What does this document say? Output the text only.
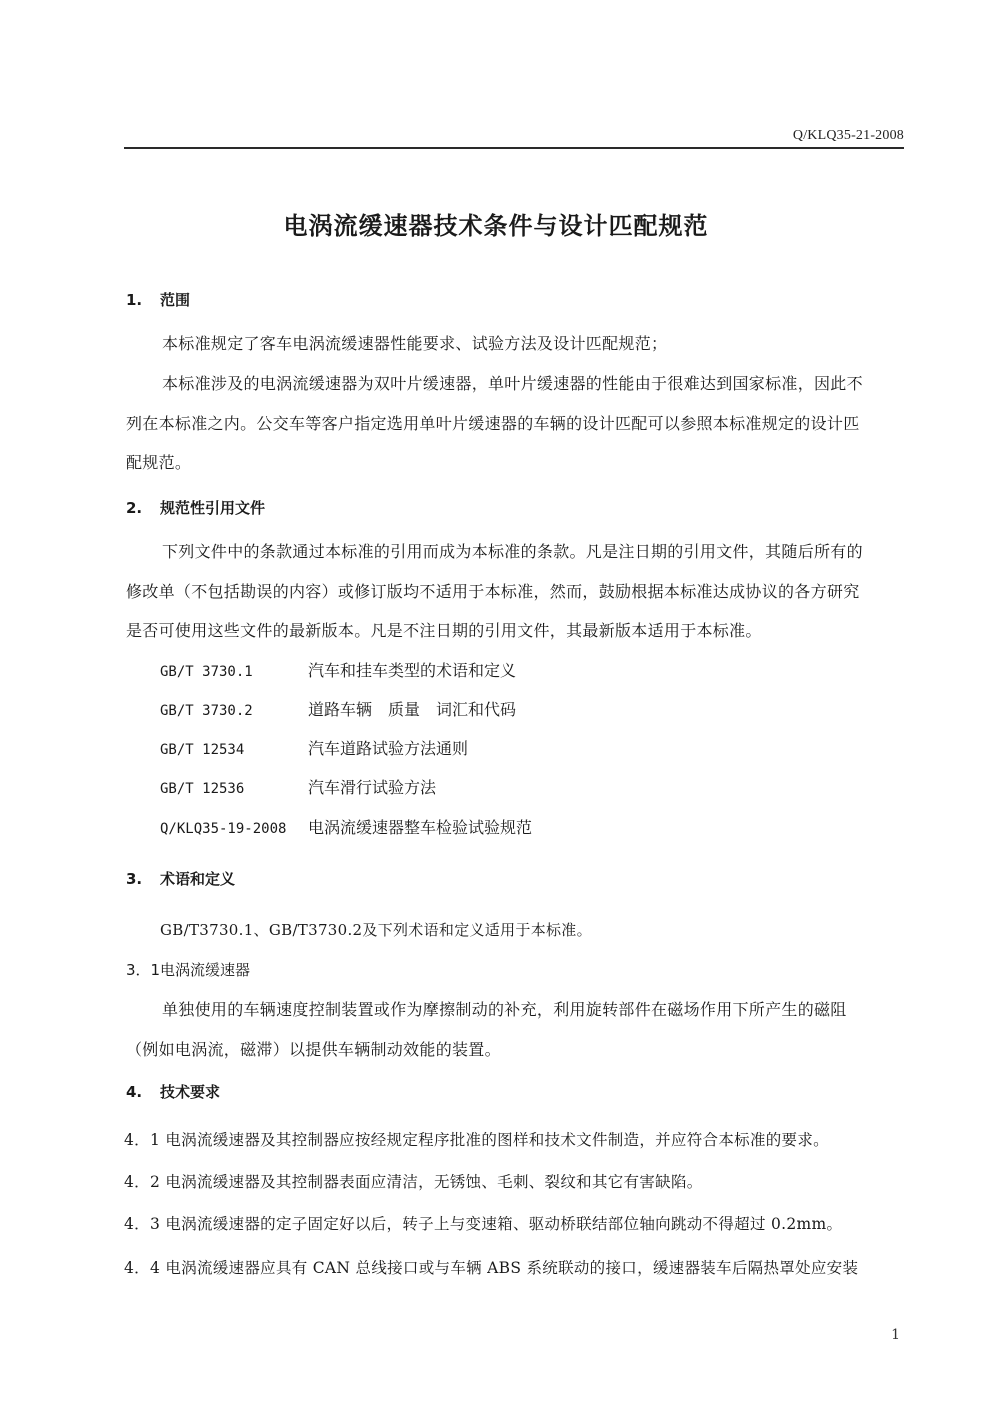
Q/KLQ35-21-2008
电涡流缓速器技术条件与设计匹配规范
1. 范围
本标准规定了客车电涡流缓速器性能要求、试验方法及设计匹配规范；
本标准涉及的电涡流缓速器为双叶片缓速器，单叶片缓速器的性能由于很难达到国家标准，因此不
列在本标准之内。公交车等客户指定选用单叶片缓速器的车辆的设计匹配可以参照本标准规定的设计匹
配规范。
2. 规范性引用文件
下列文件中的条款通过本标准的引用而成为本标准的条款。凡是注日期的引用文件，其随后所有的
修改单（不包括勘误的内容）或修订版均不适用于本标准，然而，鼓励根据本标准达成协议的各方研究
是否可使用这些文件的最新版本。凡是不注日期的引用文件，其最新版本适用于本标准。
GB/T 3730.1	汽车和挂车类型的术语和定义
GB/T 3730.2	道路车辆　质量　词汇和代码
GB/T 12534	汽车道路试验方法通则
GB/T 12536	汽车滑行试验方法
Q/KLQ35-19-2008 电涡流缓速器整车检验试验规范
3. 术语和定义
GB/T3730.1、GB/T3730.2及下列术语和定义适用于本标准。
3．1电涡流缓速器
单独使用的车辆速度控制装置或作为摩擦制动的补充，利用旋转部件在磁场作用下所产生的磁阻
（例如电涡流，磁滞）以提供车辆制动效能的装置。
4. 技术要求
4．1 电涡流缓速器及其控制器应按经规定程序批准的图样和技术文件制造，并应符合本标准的要求。
4．2 电涡流缓速器及其控制器表面应清洁，无锈蚀、毛刺、裂纹和其它有害缺陷。
4．3 电涡流缓速器的定子固定好以后，转子上与变速箱、驱动桥联结部位轴向跳动不得超过 0.2mm。
4．4 电涡流缓速器应具有 CAN 总线接口或与车辆 ABS 系统联动的接口，缓速器装车后隔热罩处应安装
1
